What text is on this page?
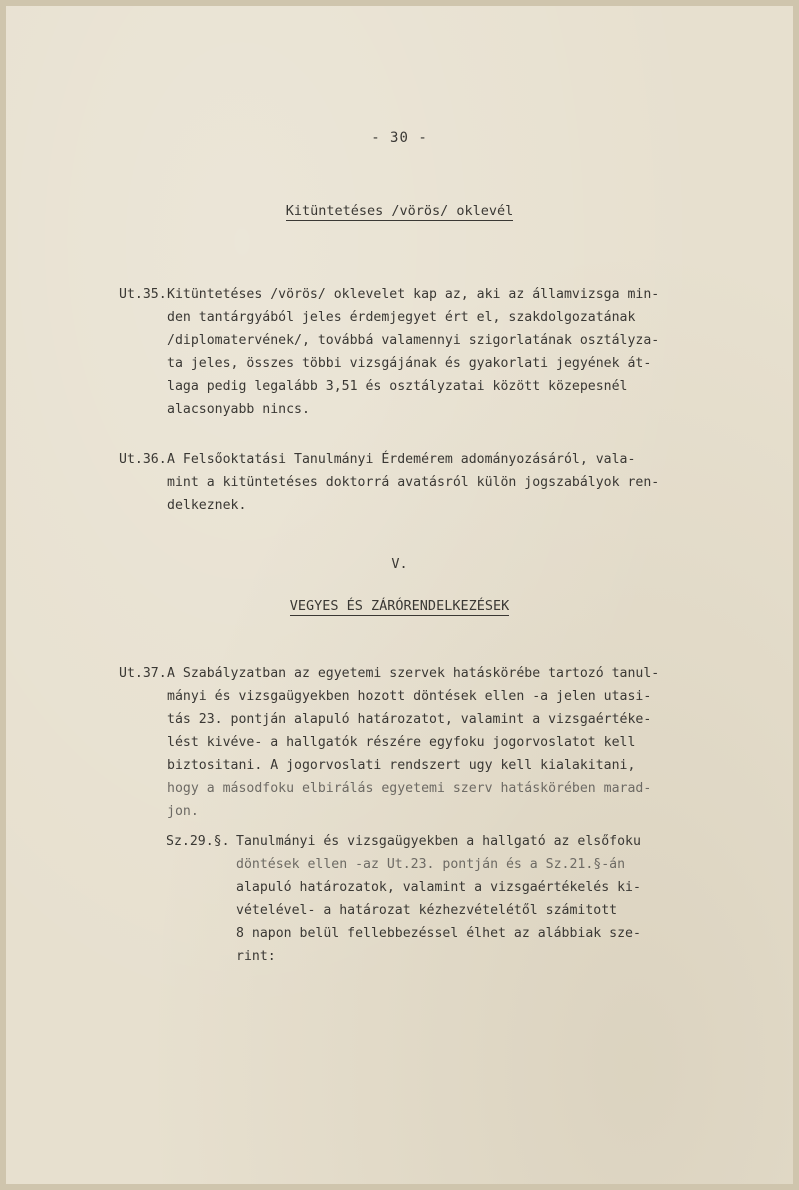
- 30 -
Kitüntetéses /vörös/ oklevél
Ut.35. Kitüntetéses /vörös/ oklevelet kap az, aki az államvizsga min-
den tantárgyából jeles érdemjegyet ért el, szakdolgozatának
/diplomatervének/, továbbá valamennyi szigorlatának osztályza-
ta jeles, összes többi vizsgájának és gyakorlati jegyének át-
laga pedig legalább 3,51 és osztályzatai között közepesnél
alacsonyabb nincs.
Ut.36. A Felsőoktatási Tanulmányi Érdemérem adományozásáról, vala-
mint a kitüntetéses doktorrá avatásról külön jogszabályok ren-
delkeznek.
V.
VEGYES ÉS ZÁRÓRENDELKEZÉSEK
Ut.37. A Szabályzatban az egyetemi szervek hatáskörébe tartozó tanul-
mányi és vizsgaügyekben hozott döntések ellen -a jelen utasi-
tás 23. pontján alapuló határozatot, valamint a vizsgaértéke-
lést kivéve- a hallgatók részére egyfoku jogorvoslatot kell
biztositani. A jogorvoslati rendszert ugy kell kialakitani,
hogy a másodfoku elbirálás egyetemi szerv hatáskörében marad-
jon.
Sz.29.§. Tanulmányi és vizsgaügyekben a hallgató az elsőfoku
döntések ellen -az Ut.23. pontján és a Sz.21.§-án
alapuló határozatok, valamint a vizsgaértékelés ki-
vételével- a határozat kézhezvételétől számitott
8 napon belül fellebbezéssel élhet az alábbiak sze-
rint:
